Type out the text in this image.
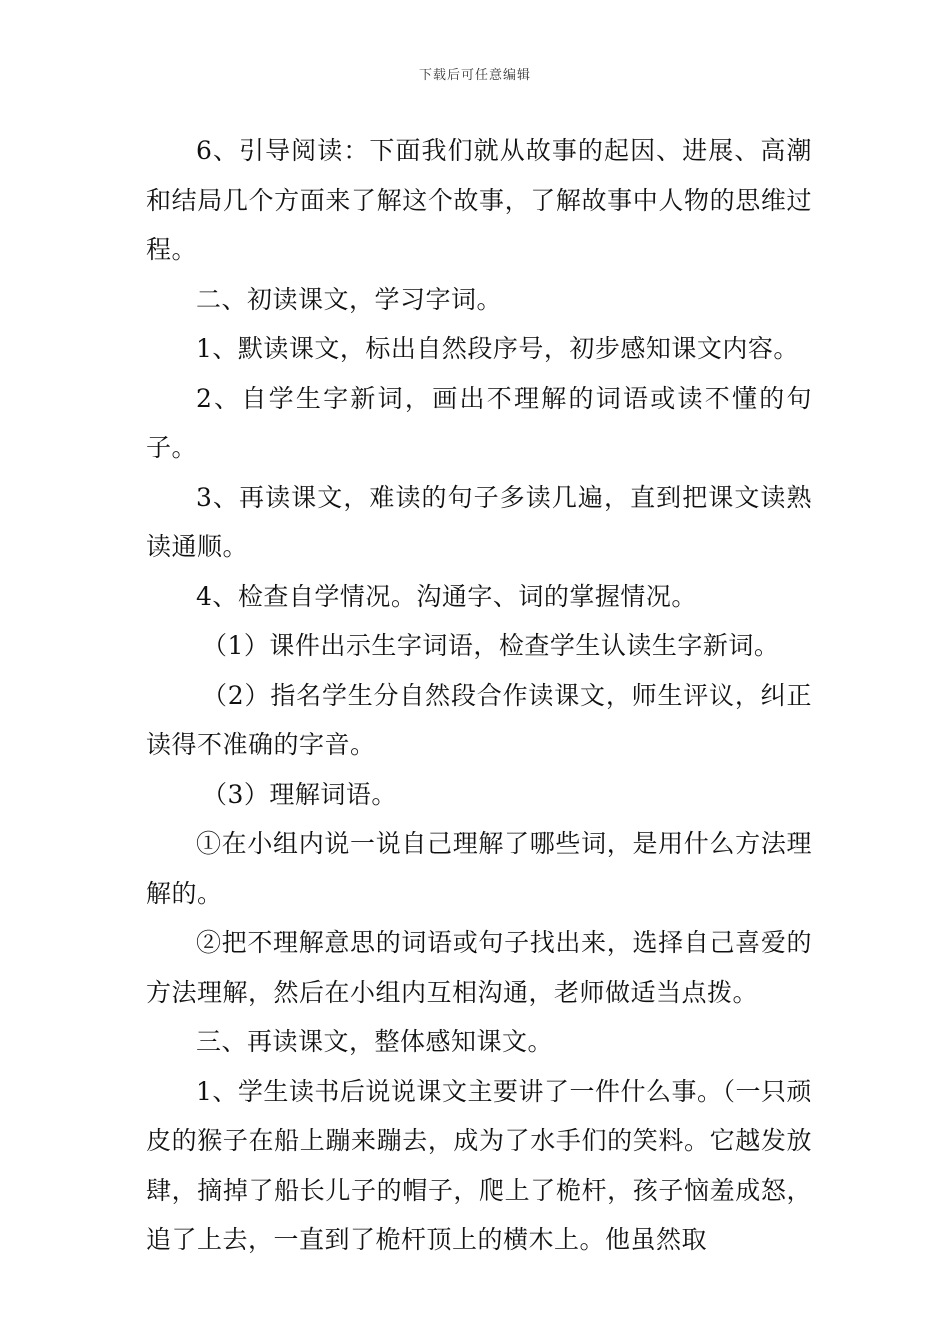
下载后可任意编辑

6、引导阅读：下面我们就从故事的起因、进展、高潮和结局几个方面来了解这个故事，了解故事中人物的思维过程。

二、初读课文，学习字词。

1、默读课文，标出自然段序号，初步感知课文内容。

2、自学生字新词，画出不理解的词语或读不懂的句子。

3、再读课文，难读的句子多读几遍，直到把课文读熟读通顺。

4、检查自学情况。沟通字、词的掌握情况。

（1）课件出示生字词语，检查学生认读生字新词。

（2）指名学生分自然段合作读课文，师生评议，纠正读得不准确的字音。

（3）理解词语。

①在小组内说一说自己理解了哪些词，是用什么方法理解的。

②把不理解意思的词语或句子找出来，选择自己喜爱的方法理解，然后在小组内互相沟通，老师做适当点拨。

三、再读课文，整体感知课文。

1、学生读书后说说课文主要讲了一件什么事。（一只顽皮的猴子在船上蹦来蹦去，成为了水手们的笑料。它越发放肆，摘掉了船长儿子的帽子，爬上了桅杆，孩子恼羞成怒，追了上去，一直到了桅杆顶上的横木上。他虽然取
